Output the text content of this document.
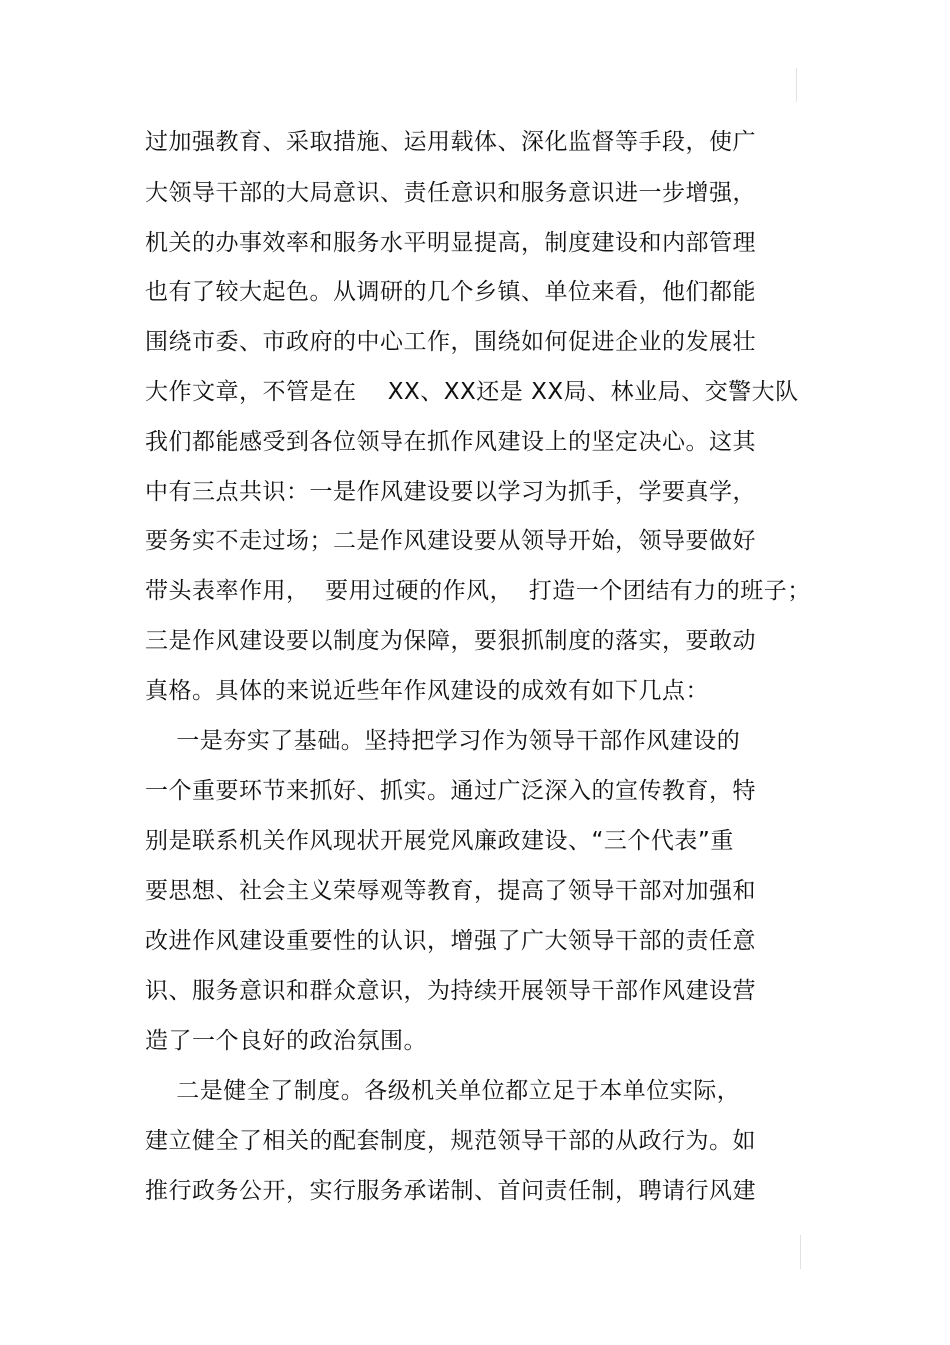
过加强教育、采取措施、运用载体、深化监督等手段，使广
大领导干部的大局意识、责任意识和服务意识进一步增强，
机关的办事效率和服务水平明显提高，制度建设和内部管理
也有了较大起色。从调研的几个乡镇、单位来看，他们都能
围绕市委、市政府的中心工作，围绕如何促进企业的发展壮
大作文章，不管是在    XX、XX还是 XX局、林业局、交警大队
我们都能感受到各位领导在抓作风建设上的坚定决心。这其
中有三点共识：一是作风建设要以学习为抓手，学要真学，
要务实不走过场；二是作风建设要从领导开始，领导要做好
带头表率作用，  要用过硬的作风，  打造一个团结有力的班子；
三是作风建设要以制度为保障，要狠抓制度的落实，要敢动
真格。具体的来说近些年作风建设的成效有如下几点：
一是夯实了基础。坚持把学习作为领导干部作风建设的
一个重要环节来抓好、抓实。通过广泛深入的宣传教育，特
别是联系机关作风现状开展党风廉政建设、“三个代表”重
要思想、社会主义荣辱观等教育，提高了领导干部对加强和
改进作风建设重要性的认识，增强了广大领导干部的责任意
识、服务意识和群众意识，为持续开展领导干部作风建设营
造了一个良好的政治氛围。
二是健全了制度。各级机关单位都立足于本单位实际，
建立健全了相关的配套制度，规范领导干部的从政行为。如
推行政务公开，实行服务承诺制、首问责任制，聘请行风建
